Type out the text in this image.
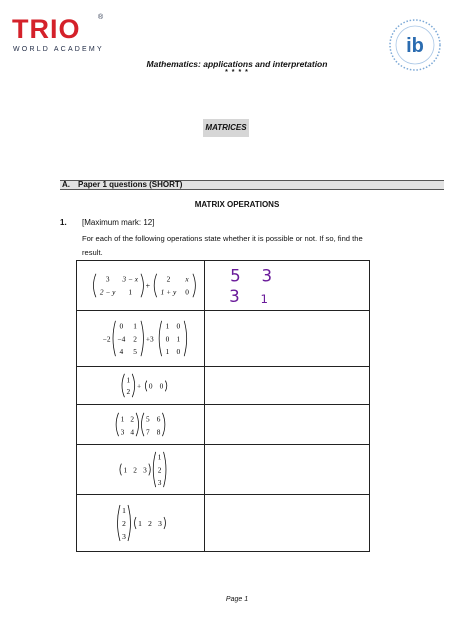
TRIO	®
WORLD ACADEMY	ib
Mathematics: applications and interpretation
* * * *
MATRICES
A. Paper 1 questions (SHORT)
MATRIX OPERATIONS
1. [Maximum mark: 12]
For each of the following operations state whether it is possible or not. If so, find the result.
3 3 − x
2 − y 1
+
2 x
1 + y 0
5 3
3 1
−2
0 1
−4 2
4 5
+3
1 0
0 1
1 0
1
2
+ 0 0
1 2
3 4
5 6
7 8
1 2 3
1
2
3
1
2
3
1 2 3
Page 1
